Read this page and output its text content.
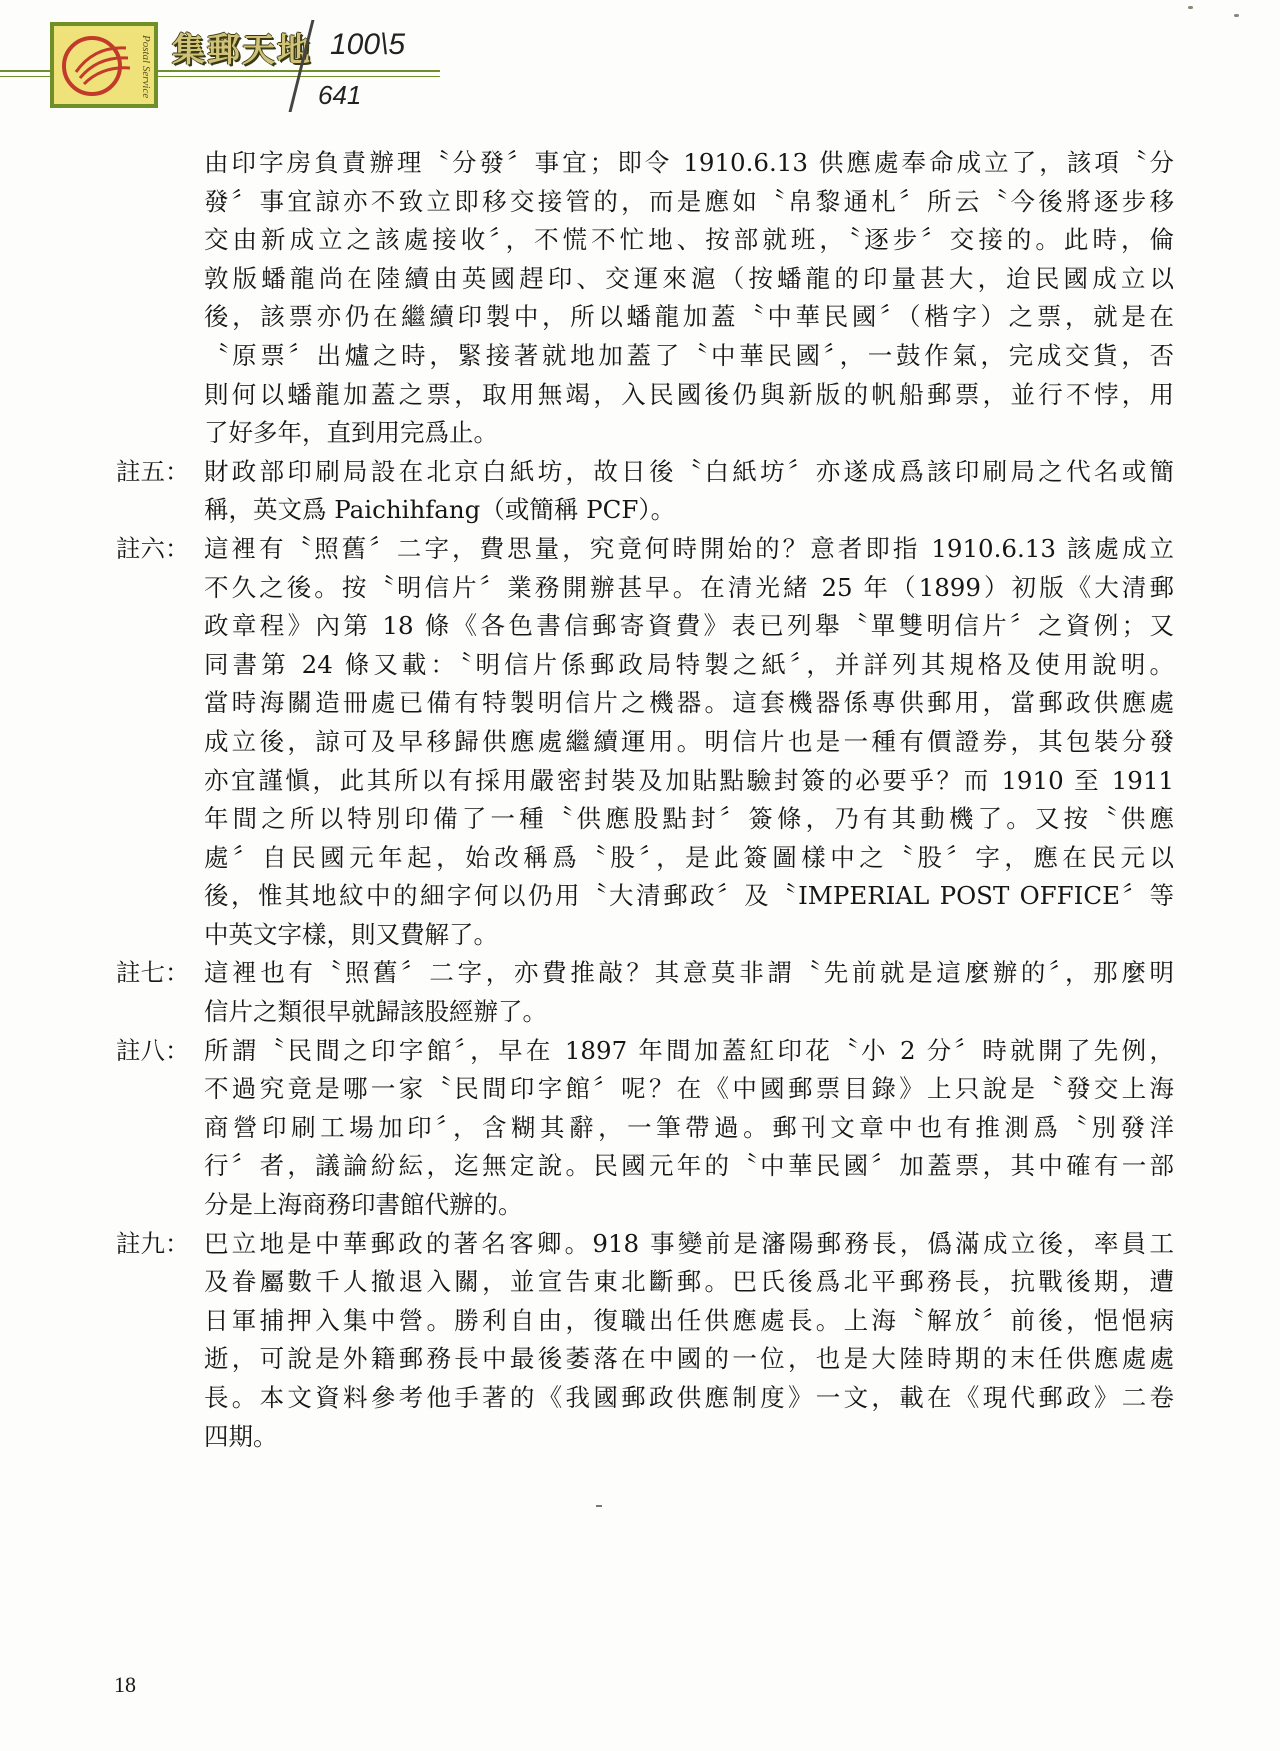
Postal Service 集郵天地 100\5
641
由印字房負責辦理〝分發〞事宜；即令 1910.6.13 供應處奉命成立了，該項〝分
發〞事宜諒亦不致立即移交接管的，而是應如〝帛黎通札〞所云〝今後將逐步移
交由新成立之該處接收〞，不慌不忙地、按部就班，〝逐步〞交接的。此時，倫
敦版蟠龍尚在陸續由英國趕印、交運來滬（按蟠龍的印量甚大，迨民國成立以
後，該票亦仍在繼續印製中，所以蟠龍加蓋〝中華民國〞（楷字）之票，就是在
〝原票〞出爐之時，緊接著就地加蓋了〝中華民國〞，一鼓作氣，完成交貨，否
則何以蟠龍加蓋之票，取用無竭，入民國後仍與新版的帆船郵票，並行不悖，用
了好多年，直到用完爲止。
註五： 財政部印刷局設在北京白紙坊，故日後〝白紙坊〞亦遂成爲該印刷局之代名或簡
稱，英文爲 Paichihfang（或簡稱 PCF）。
註六： 這裡有〝照舊〞二字，費思量，究竟何時開始的？意者即指 1910.6.13 該處成立
不久之後。按〝明信片〞業務開辦甚早。在清光緒 25 年（1899）初版《大清郵
政章程》內第 18 條《各色書信郵寄資費》表已列舉〝單雙明信片〞之資例；又
同書第 24 條又載：〝明信片係郵政局特製之紙〞，并詳列其規格及使用說明。
當時海關造冊處已備有特製明信片之機器。這套機器係專供郵用，當郵政供應處
成立後，諒可及早移歸供應處繼續運用。明信片也是一種有價證券，其包裝分發
亦宜謹愼，此其所以有採用嚴密封裝及加貼點驗封簽的必要乎？而 1910 至 1911
年間之所以特別印備了一種〝供應股點封〞簽條，乃有其動機了。又按〝供應
處〞自民國元年起，始改稱爲〝股〞，是此簽圖樣中之〝股〞字，應在民元以
後，惟其地紋中的細字何以仍用〝大清郵政〞及〝IMPERIAL POST OFFICE〞等
中英文字樣，則又費解了。
註七： 這裡也有〝照舊〞二字，亦費推敲？其意莫非謂〝先前就是這麼辦的〞，那麼明
信片之類很早就歸該股經辦了。
註八： 所謂〝民間之印字館〞，早在 1897 年間加蓋紅印花〝小 2 分〞時就開了先例，
不過究竟是哪一家〝民間印字館〞呢？在《中國郵票目錄》上只說是〝發交上海
商營印刷工場加印〞，含糊其辭，一筆帶過。郵刊文章中也有推測爲〝別發洋
行〞者，議論紛紜，迄無定說。民國元年的〝中華民國〞加蓋票，其中確有一部
分是上海商務印書館代辦的。
註九： 巴立地是中華郵政的著名客卿。918 事變前是瀋陽郵務長，僞滿成立後，率員工
及眷屬數千人撤退入關，並宣告東北斷郵。巴氏後爲北平郵務長，抗戰後期，遭
日軍捕押入集中營。勝利自由，復職出任供應處長。上海〝解放〞前後，悒悒病
逝，可說是外籍郵務長中最後萎落在中國的一位，也是大陸時期的末任供應處處
長。本文資料參考他手著的《我國郵政供應制度》一文，載在《現代郵政》二卷
四期。
18
